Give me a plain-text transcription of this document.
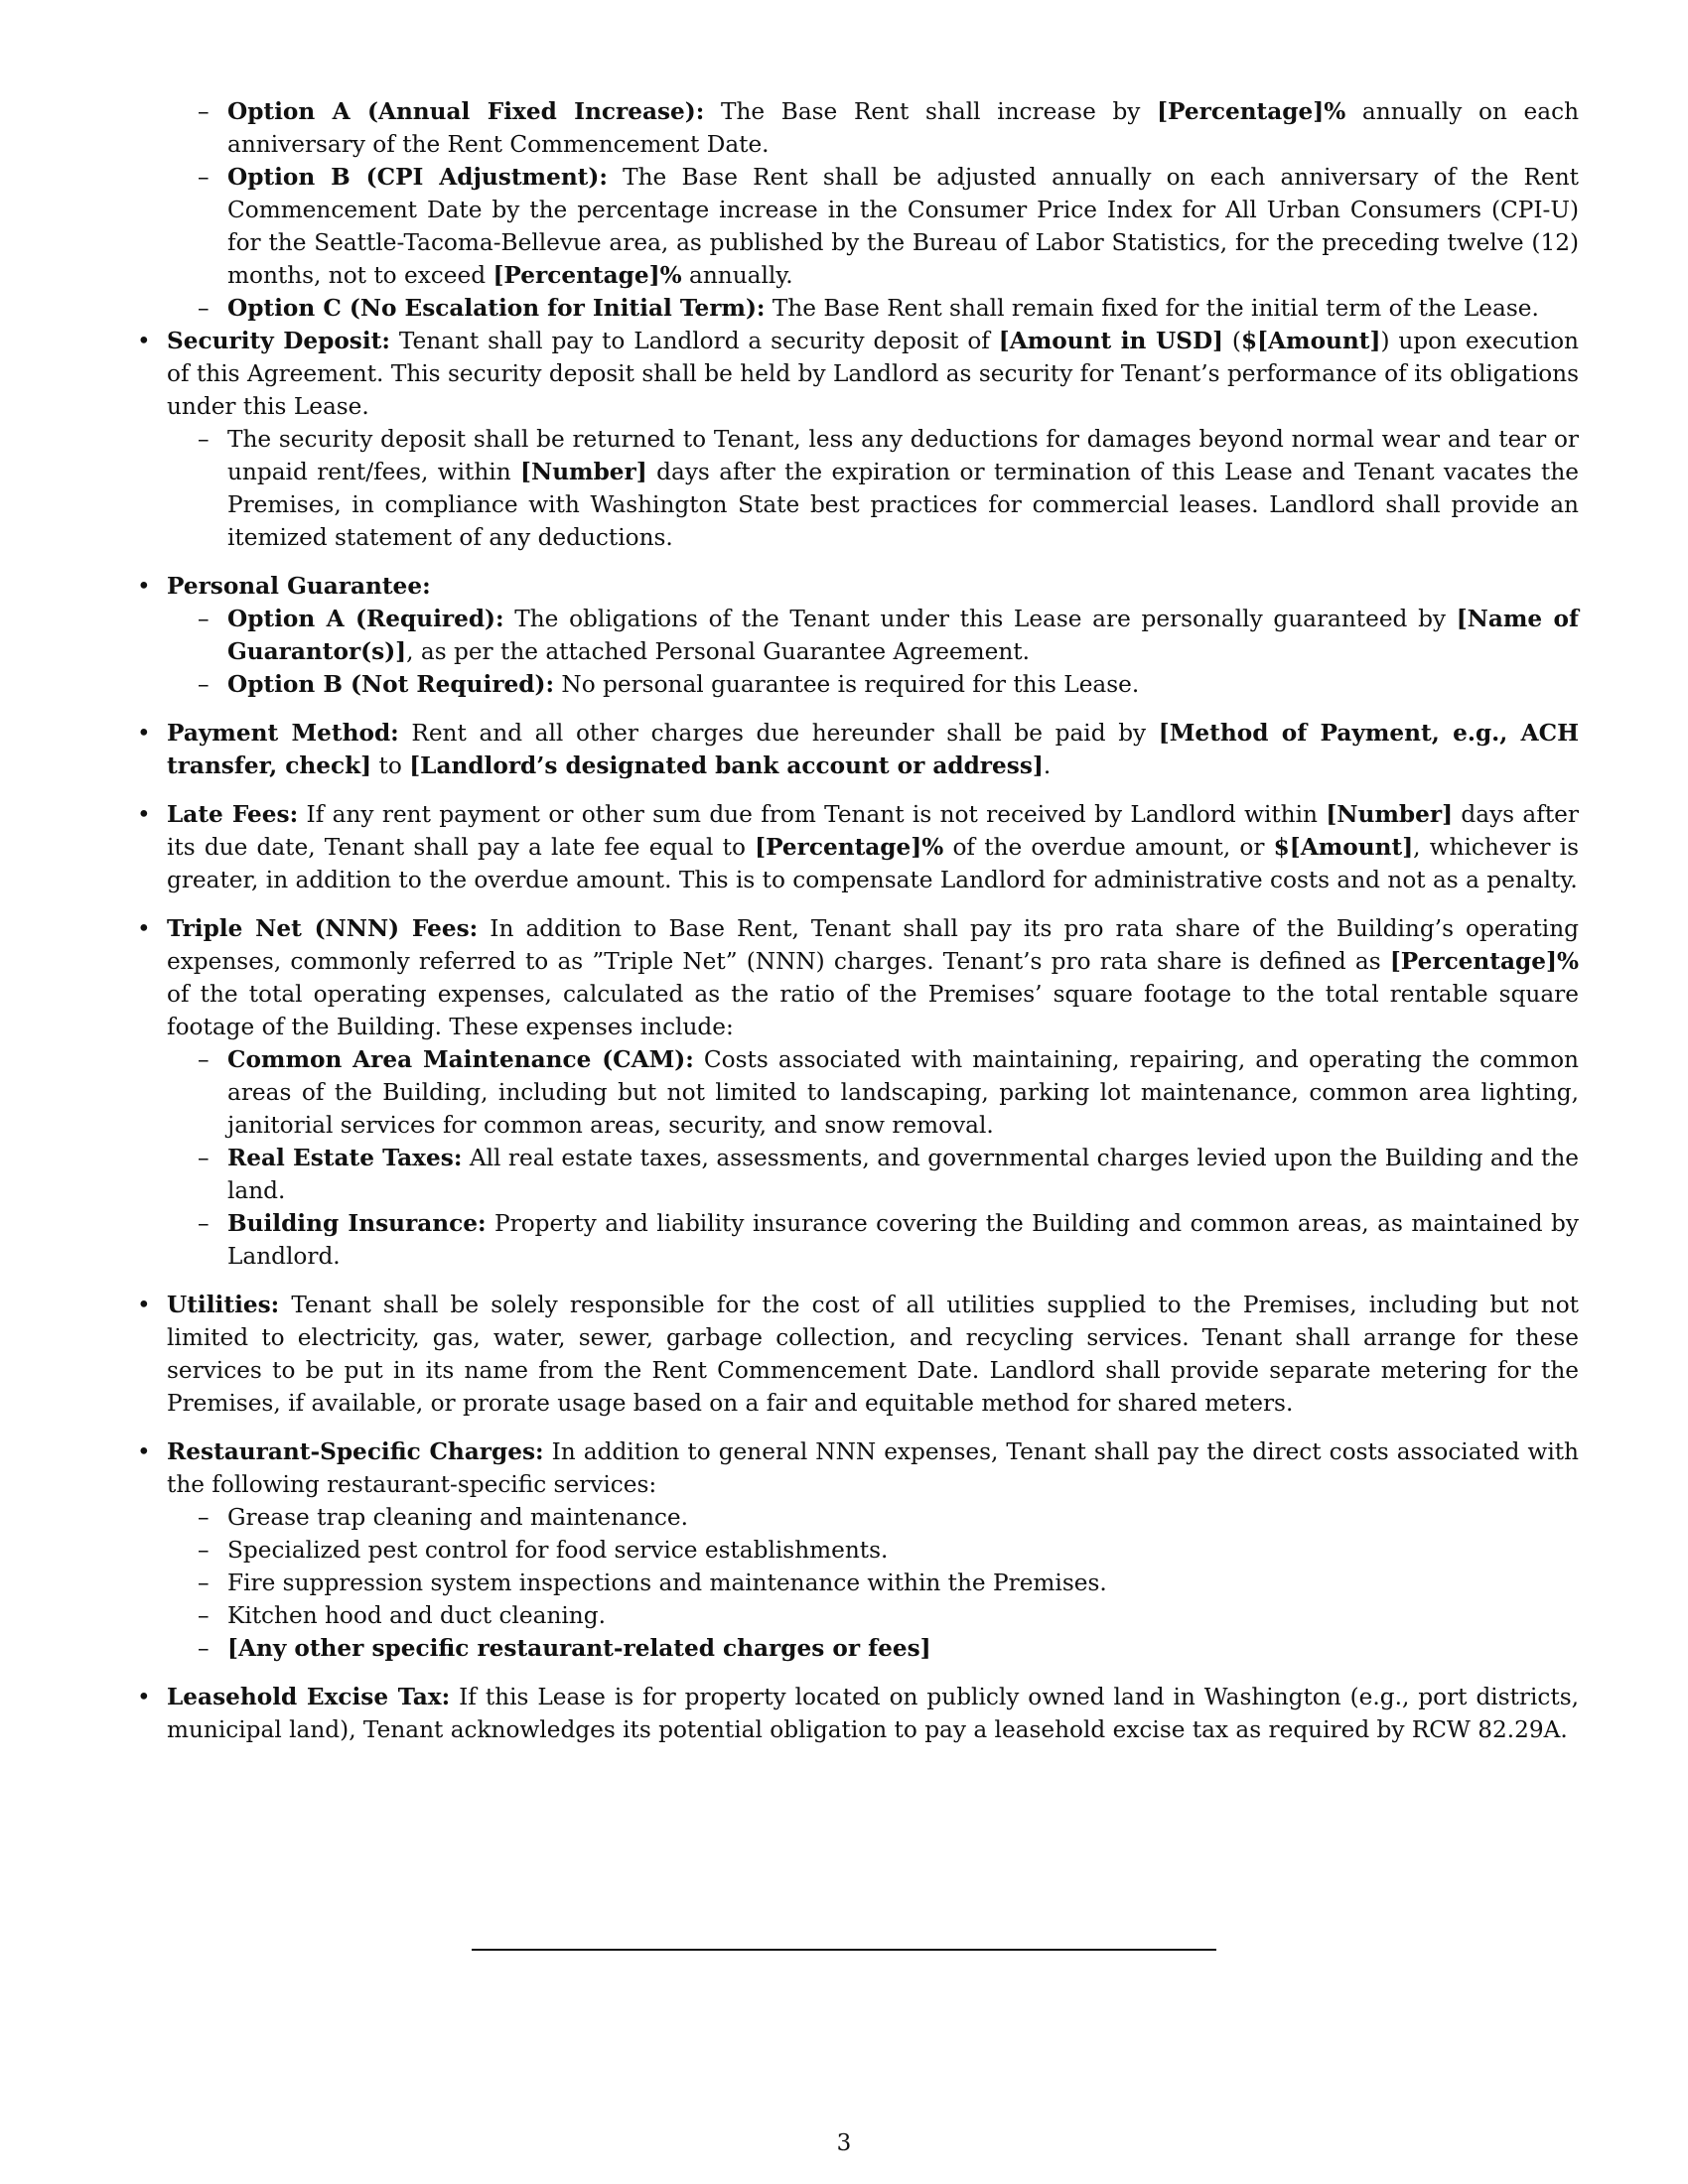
– Option A (Annual Fixed Increase): The Base Rent shall increase by [Percentage]% annually on each anniversary of the Rent Commencement Date.
– Option B (CPI Adjustment): The Base Rent shall be adjusted annually on each anniversary of the Rent Commencement Date by the percentage increase in the Consumer Price Index for All Urban Consumers (CPI-U) for the Seattle-Tacoma-Bellevue area, as published by the Bureau of Labor Statistics, for the preceding twelve (12) months, not to exceed [Percentage]% annually.
– Option C (No Escalation for Initial Term): The Base Rent shall remain fixed for the initial term of the Lease.
• Security Deposit: Tenant shall pay to Landlord a security deposit of [Amount in USD] ($[Amount]) upon execution of this Agreement. This security deposit shall be held by Landlord as security for Tenant’s performance of its obligations under this Lease.
– The security deposit shall be returned to Tenant, less any deductions for damages beyond normal wear and tear or unpaid rent/fees, within [Number] days after the expiration or termination of this Lease and Tenant vacates the Premises, in compliance with Washington State best practices for commercial leases. Landlord shall provide an itemized statement of any deductions.
• Personal Guarantee:
– Option A (Required): The obligations of the Tenant under this Lease are personally guaranteed by [Name of Guarantor(s)], as per the attached Personal Guarantee Agreement.
– Option B (Not Required): No personal guarantee is required for this Lease.
• Payment Method: Rent and all other charges due hereunder shall be paid by [Method of Payment, e.g., ACH transfer, check] to [Landlord’s designated bank account or address].
• Late Fees: If any rent payment or other sum due from Tenant is not received by Landlord within [Number] days after its due date, Tenant shall pay a late fee equal to [Percentage]% of the overdue amount, or $[Amount], whichever is greater, in addition to the overdue amount. This is to compensate Landlord for administrative costs and not as a penalty.
• Triple Net (NNN) Fees: In addition to Base Rent, Tenant shall pay its pro rata share of the Building’s operating expenses, commonly referred to as ”Triple Net” (NNN) charges. Tenant’s pro rata share is defined as [Percentage]% of the total operating expenses, calculated as the ratio of the Premises’ square footage to the total rentable square footage of the Building. These expenses include:
– Common Area Maintenance (CAM): Costs associated with maintaining, repairing, and operating the common areas of the Building, including but not limited to landscaping, parking lot maintenance, common area lighting, janitorial services for common areas, security, and snow removal.
– Real Estate Taxes: All real estate taxes, assessments, and governmental charges levied upon the Building and the land.
– Building Insurance: Property and liability insurance covering the Building and common areas, as maintained by Landlord.
• Utilities: Tenant shall be solely responsible for the cost of all utilities supplied to the Premises, including but not limited to electricity, gas, water, sewer, garbage collection, and recycling services. Tenant shall arrange for these services to be put in its name from the Rent Commencement Date. Landlord shall provide separate metering for the Premises, if available, or prorate usage based on a fair and equitable method for shared meters.
• Restaurant-Specific Charges: In addition to general NNN expenses, Tenant shall pay the direct costs associated with the following restaurant-specific services:
– Grease trap cleaning and maintenance.
– Specialized pest control for food service establishments.
– Fire suppression system inspections and maintenance within the Premises.
– Kitchen hood and duct cleaning.
– [Any other specific restaurant-related charges or fees]
• Leasehold Excise Tax: If this Lease is for property located on publicly owned land in Washington (e.g., port districts, municipal land), Tenant acknowledges its potential obligation to pay a leasehold excise tax as required by RCW 82.29A.
3
